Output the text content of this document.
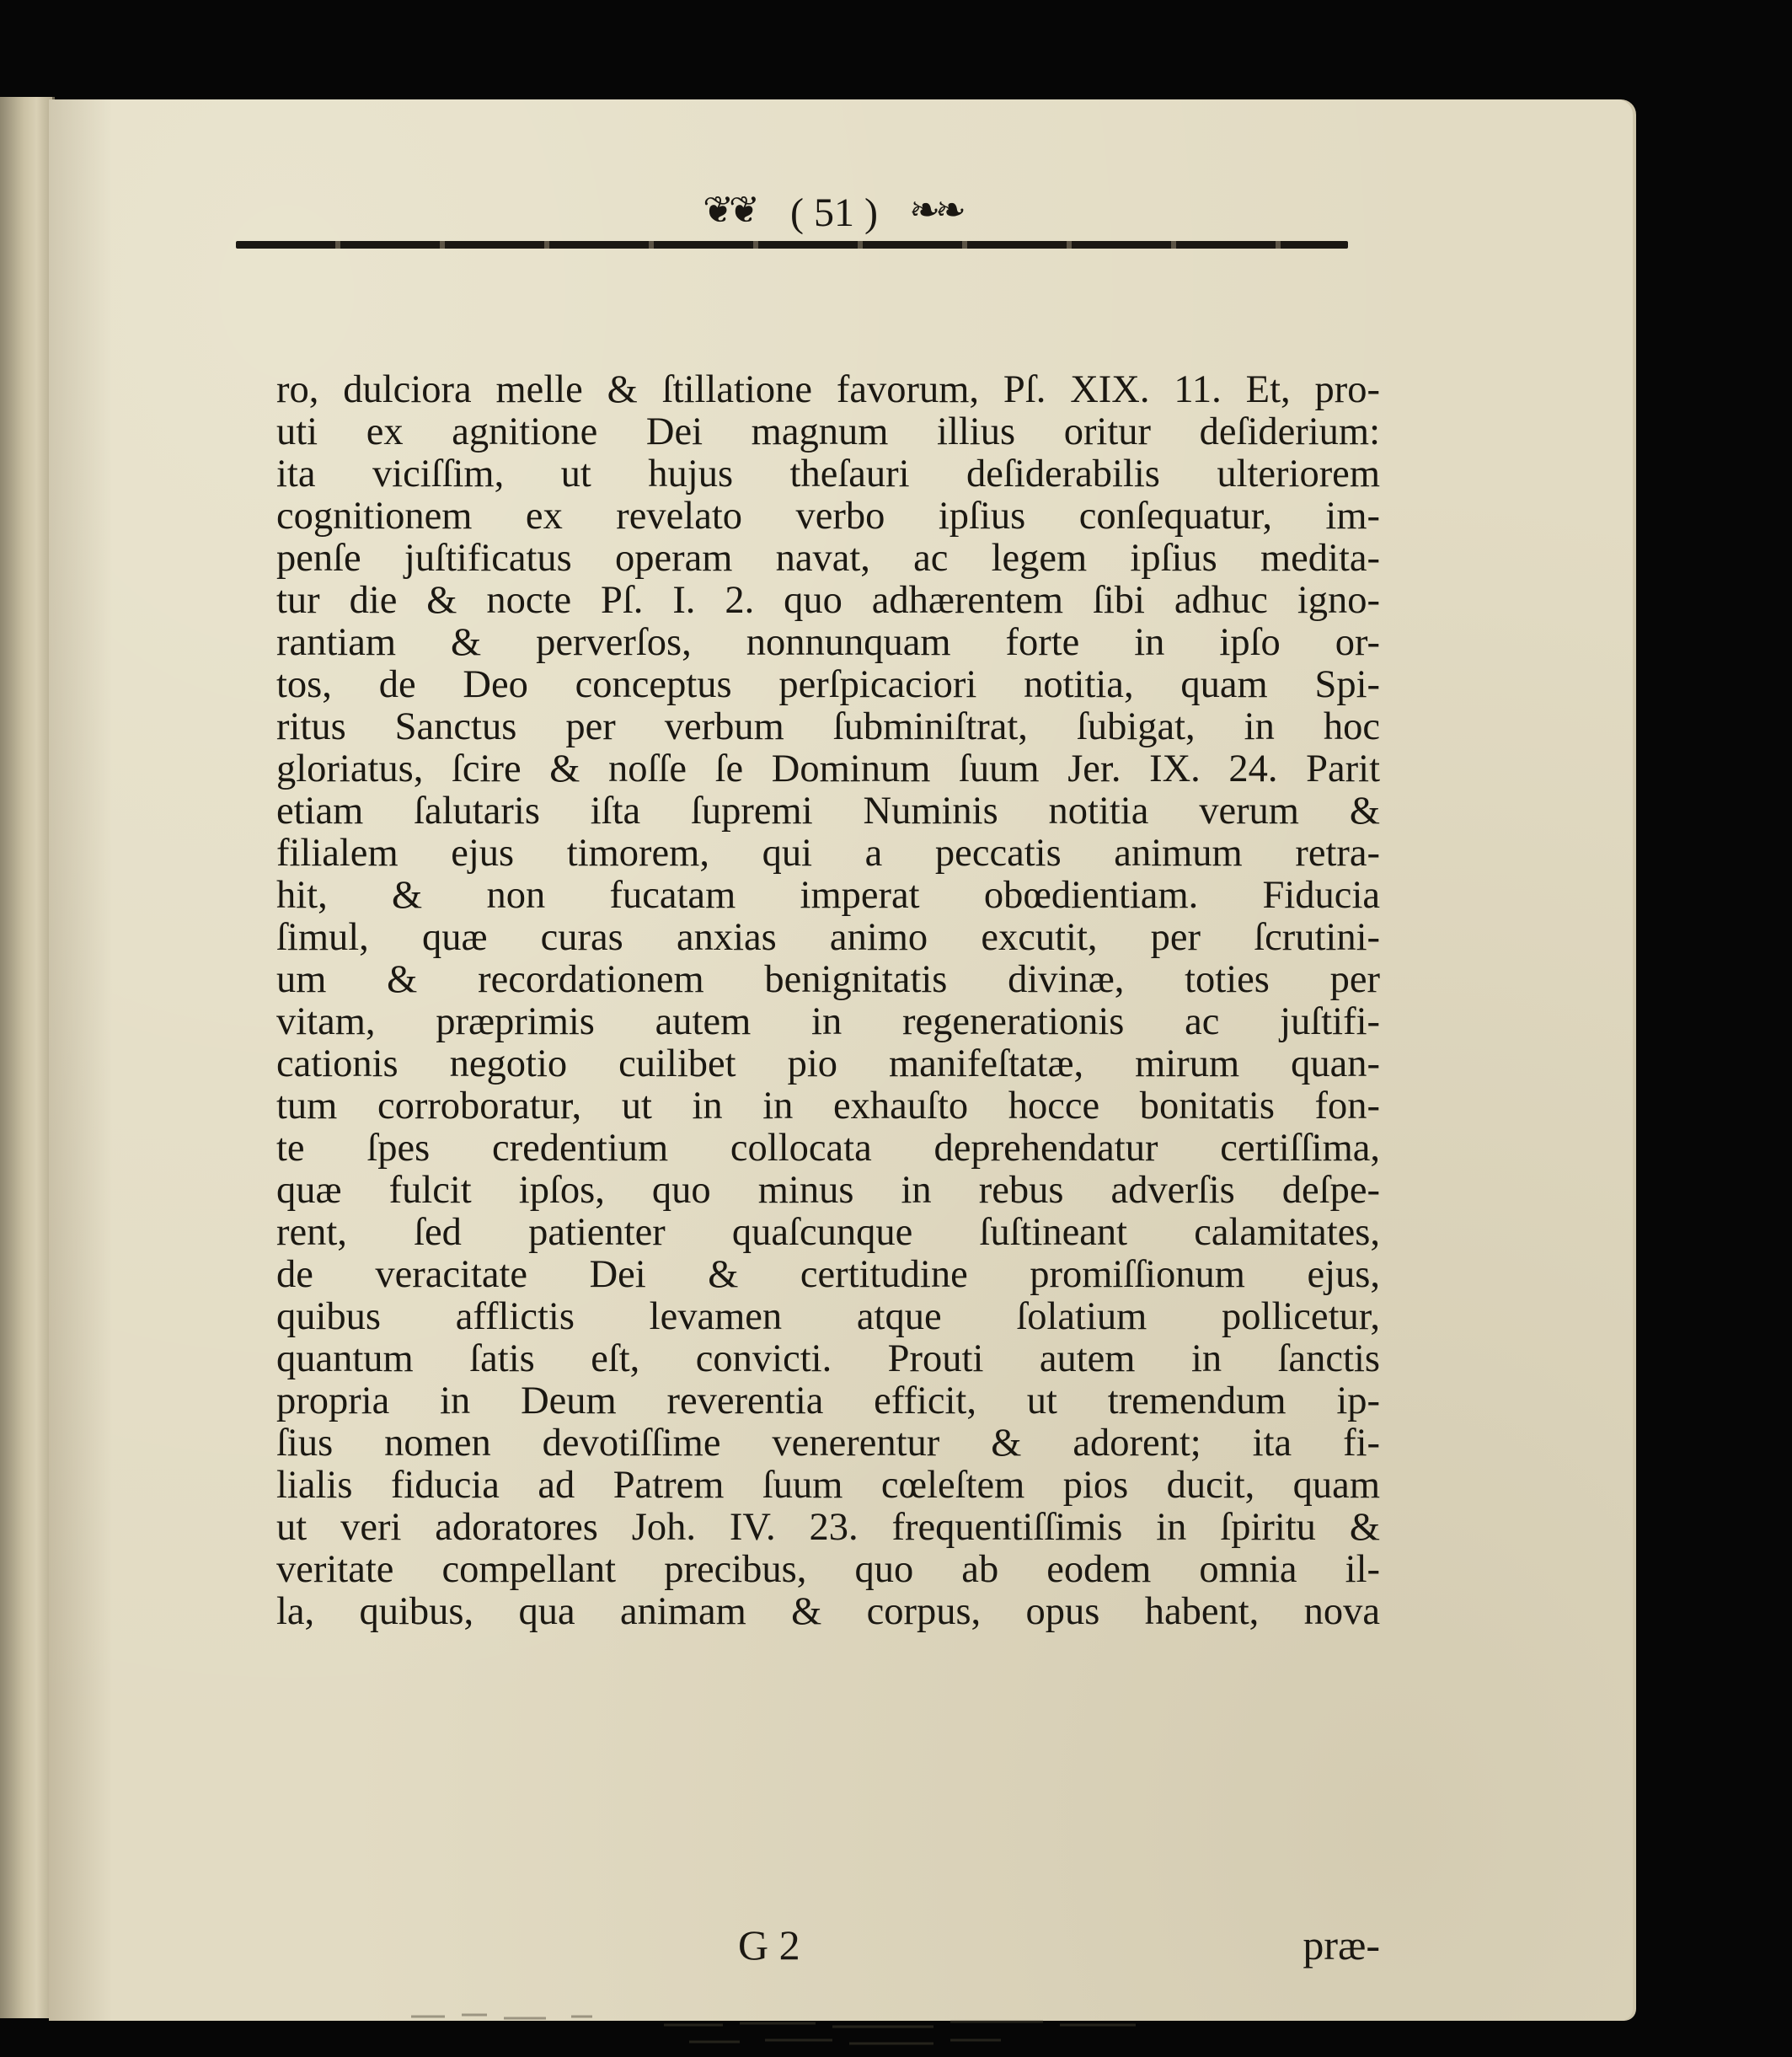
❦❦ ( 51 ) ❧❧
ro, dulciora melle & ſtillatione favorum, Pſ. XIX. 11. Et, pro-
uti ex agnitione Dei magnum illius oritur deſiderium:
ita viciſſim, ut hujus theſauri deſiderabilis ulteriorem
cognitionem ex revelato verbo ipſius conſequatur, im-
penſe juſtificatus operam navat, ac legem ipſius medita-
tur die & nocte Pſ. I. 2. quo adhærentem ſibi adhuc igno-
rantiam & perverſos, nonnunquam forte in ipſo or-
tos, de Deo conceptus perſpicaciori notitia, quam Spi-
ritus Sanctus per verbum ſubminiſtrat, ſubigat, in hoc
gloriatus, ſcire & noſſe ſe Dominum ſuum Jer. IX. 24. Parit
etiam ſalutaris iſta ſupremi Numinis notitia verum &
filialem ejus timorem, qui a peccatis animum retra-
hit, & non fucatam imperat obœdientiam. Fiducia
ſimul, quæ curas anxias animo excutit, per ſcrutini-
um & recordationem benignitatis divinæ, toties per
vitam, præprimis autem in regenerationis ac juſtifi-
cationis negotio cuilibet pio manifeſtatæ, mirum quan-
tum corroboratur, ut in in exhauſto hocce bonitatis fon-
te ſpes credentium collocata deprehendatur certiſſima,
quæ fulcit ipſos, quo minus in rebus adverſis deſpe-
rent, ſed patienter quaſcunque ſuſtineant calamitates,
de veracitate Dei & certitudine promiſſionum ejus,
quibus afflictis levamen atque ſolatium pollicetur,
quantum ſatis eſt, convicti. Prouti autem in ſanctis
propria in Deum reverentia efficit, ut tremendum ip-
ſius nomen devotiſſime venerentur & adorent; ita fi-
lialis fiducia ad Patrem ſuum cœleſtem pios ducit, quam
ut veri adoratores Joh. IV. 23. frequentiſſimis in ſpiritu &
veritate compellant precibus, quo ab eodem omnia il-
la, quibus, qua animam & corpus, opus habent, nova
G 2	præ-
